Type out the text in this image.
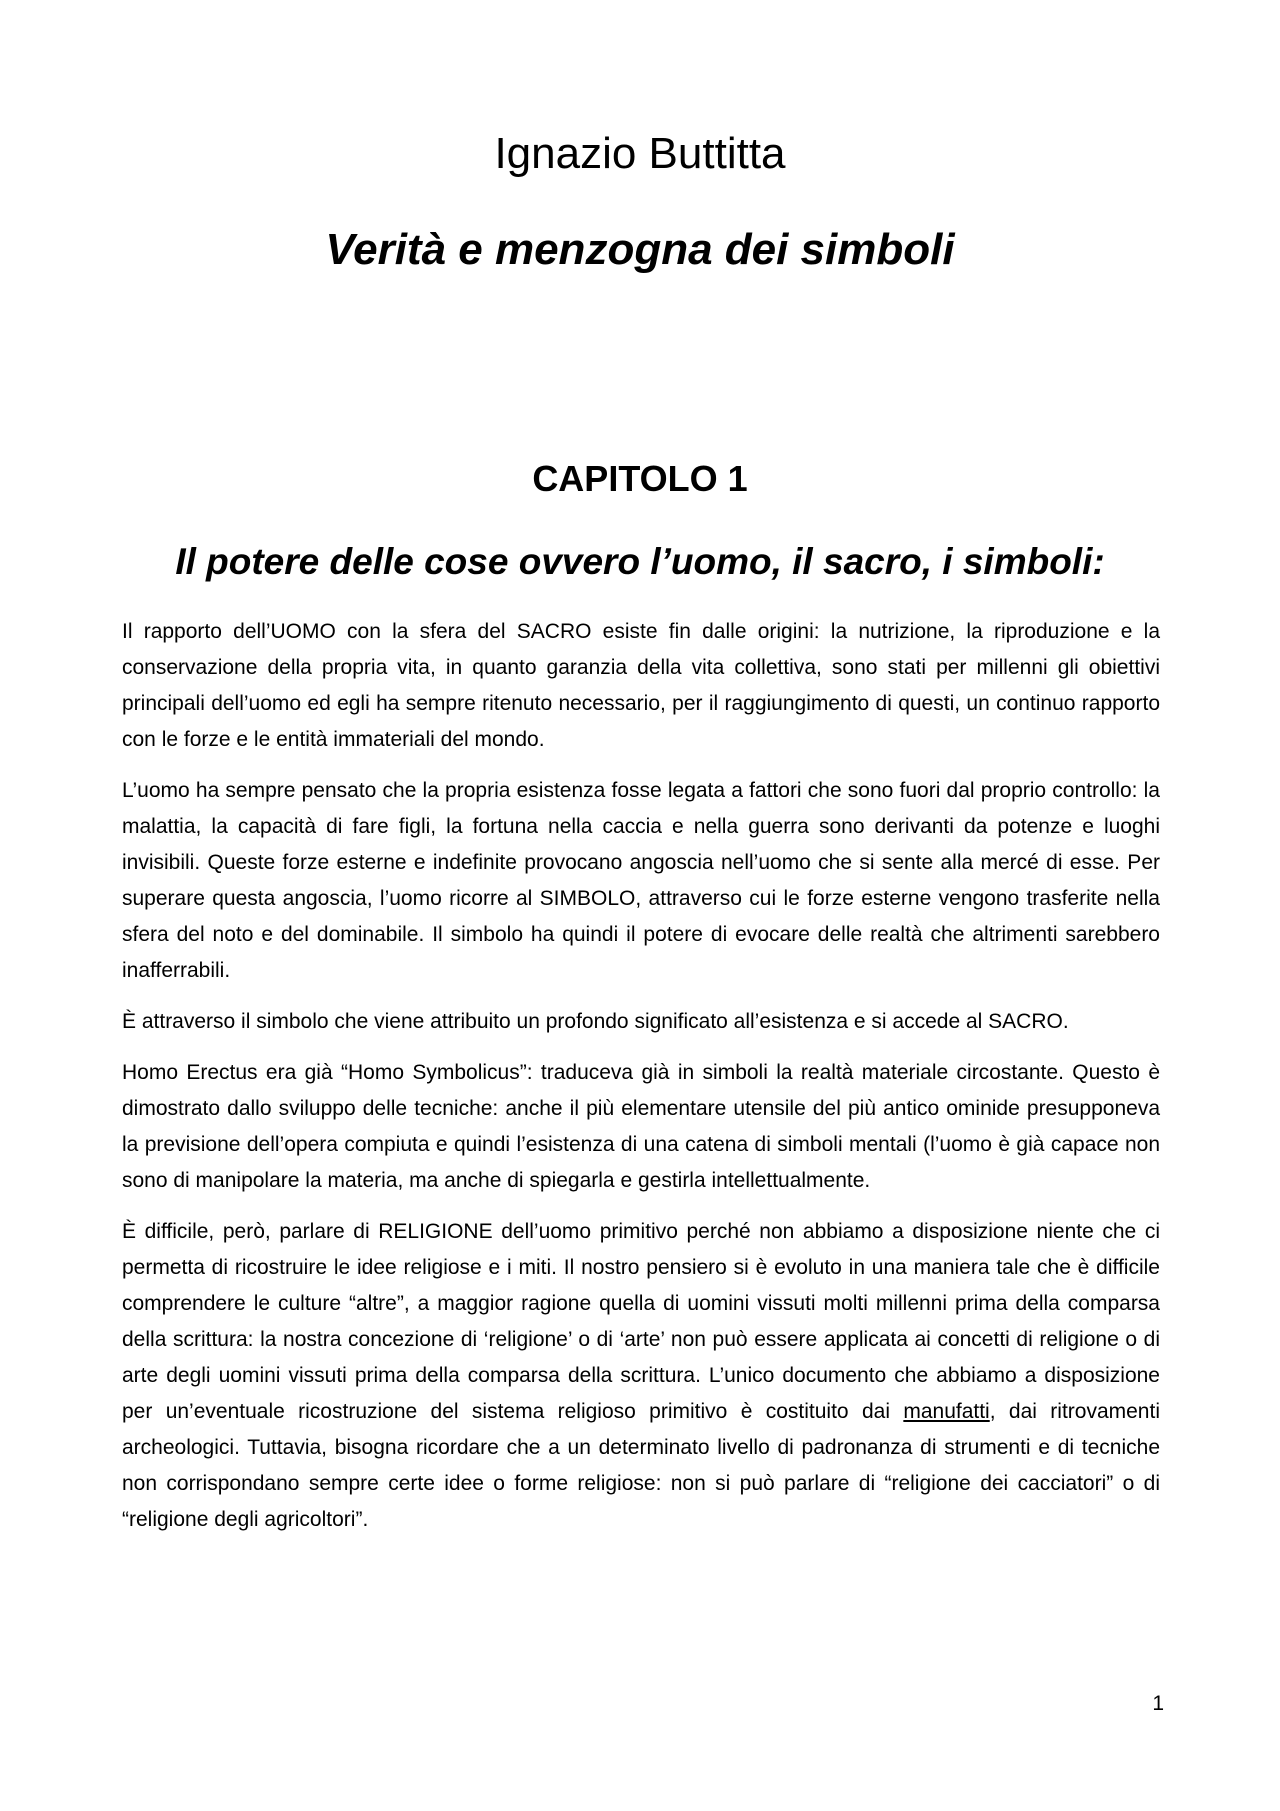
Ignazio Buttitta
Verità e menzogna dei simboli
CAPITOLO 1
Il potere delle cose ovvero l’uomo, il sacro, i simboli:

Il rapporto dell’UOMO con la sfera del SACRO esiste fin dalle origini: la nutrizione, la riproduzione e la conservazione della propria vita, in quanto garanzia della vita collettiva, sono stati per millenni gli obiettivi principali dell’uomo ed egli ha sempre ritenuto necessario, per il raggiungimento di questi, un continuo rapporto con le forze e le entità immateriali del mondo.

L’uomo ha sempre pensato che la propria esistenza fosse legata a fattori che sono fuori dal proprio controllo: la malattia, la capacità di fare figli, la fortuna nella caccia e nella guerra sono derivanti da potenze e luoghi invisibili. Queste forze esterne e indefinite provocano angoscia nell’uomo che si sente alla mercé di esse. Per superare questa angoscia, l’uomo ricorre al SIMBOLO, attraverso cui le forze esterne vengono trasferite nella sfera del noto e del dominabile. Il simbolo ha quindi il potere di evocare delle realtà che altrimenti sarebbero inafferrabili.

È attraverso il simbolo che viene attribuito un profondo significato all’esistenza e si accede al SACRO.

Homo Erectus era già “Homo Symbolicus”: traduceva già in simboli la realtà materiale circostante. Questo è dimostrato dallo sviluppo delle tecniche: anche il più elementare utensile del più antico ominide presupponeva la previsione dell’opera compiuta e quindi l’esistenza di una catena di simboli mentali (l’uomo è già capace non sono di manipolare la materia, ma anche di spiegarla e gestirla intellettualmente.

È difficile, però, parlare di RELIGIONE dell’uomo primitivo perché non abbiamo a disposizione niente che ci permetta di ricostruire le idee religiose e i miti. Il nostro pensiero si è evoluto in una maniera tale che è difficile comprendere le culture “altre”, a maggior ragione quella di uomini vissuti molti millenni prima della comparsa della scrittura: la nostra concezione di ‘religione’ o di ‘arte’ non può essere applicata ai concetti di religione o di arte degli uomini vissuti prima della comparsa della scrittura. L’unico documento che abbiamo a disposizione per un’eventuale ricostruzione del sistema religioso primitivo è costituito dai manufatti, dai ritrovamenti archeologici. Tuttavia, bisogna ricordare che a un determinato livello di padronanza di strumenti e di tecniche non corrispondano sempre certe idee o forme religiose: non si può parlare di “religione dei cacciatori” o di “religione degli agricoltori”.

1
